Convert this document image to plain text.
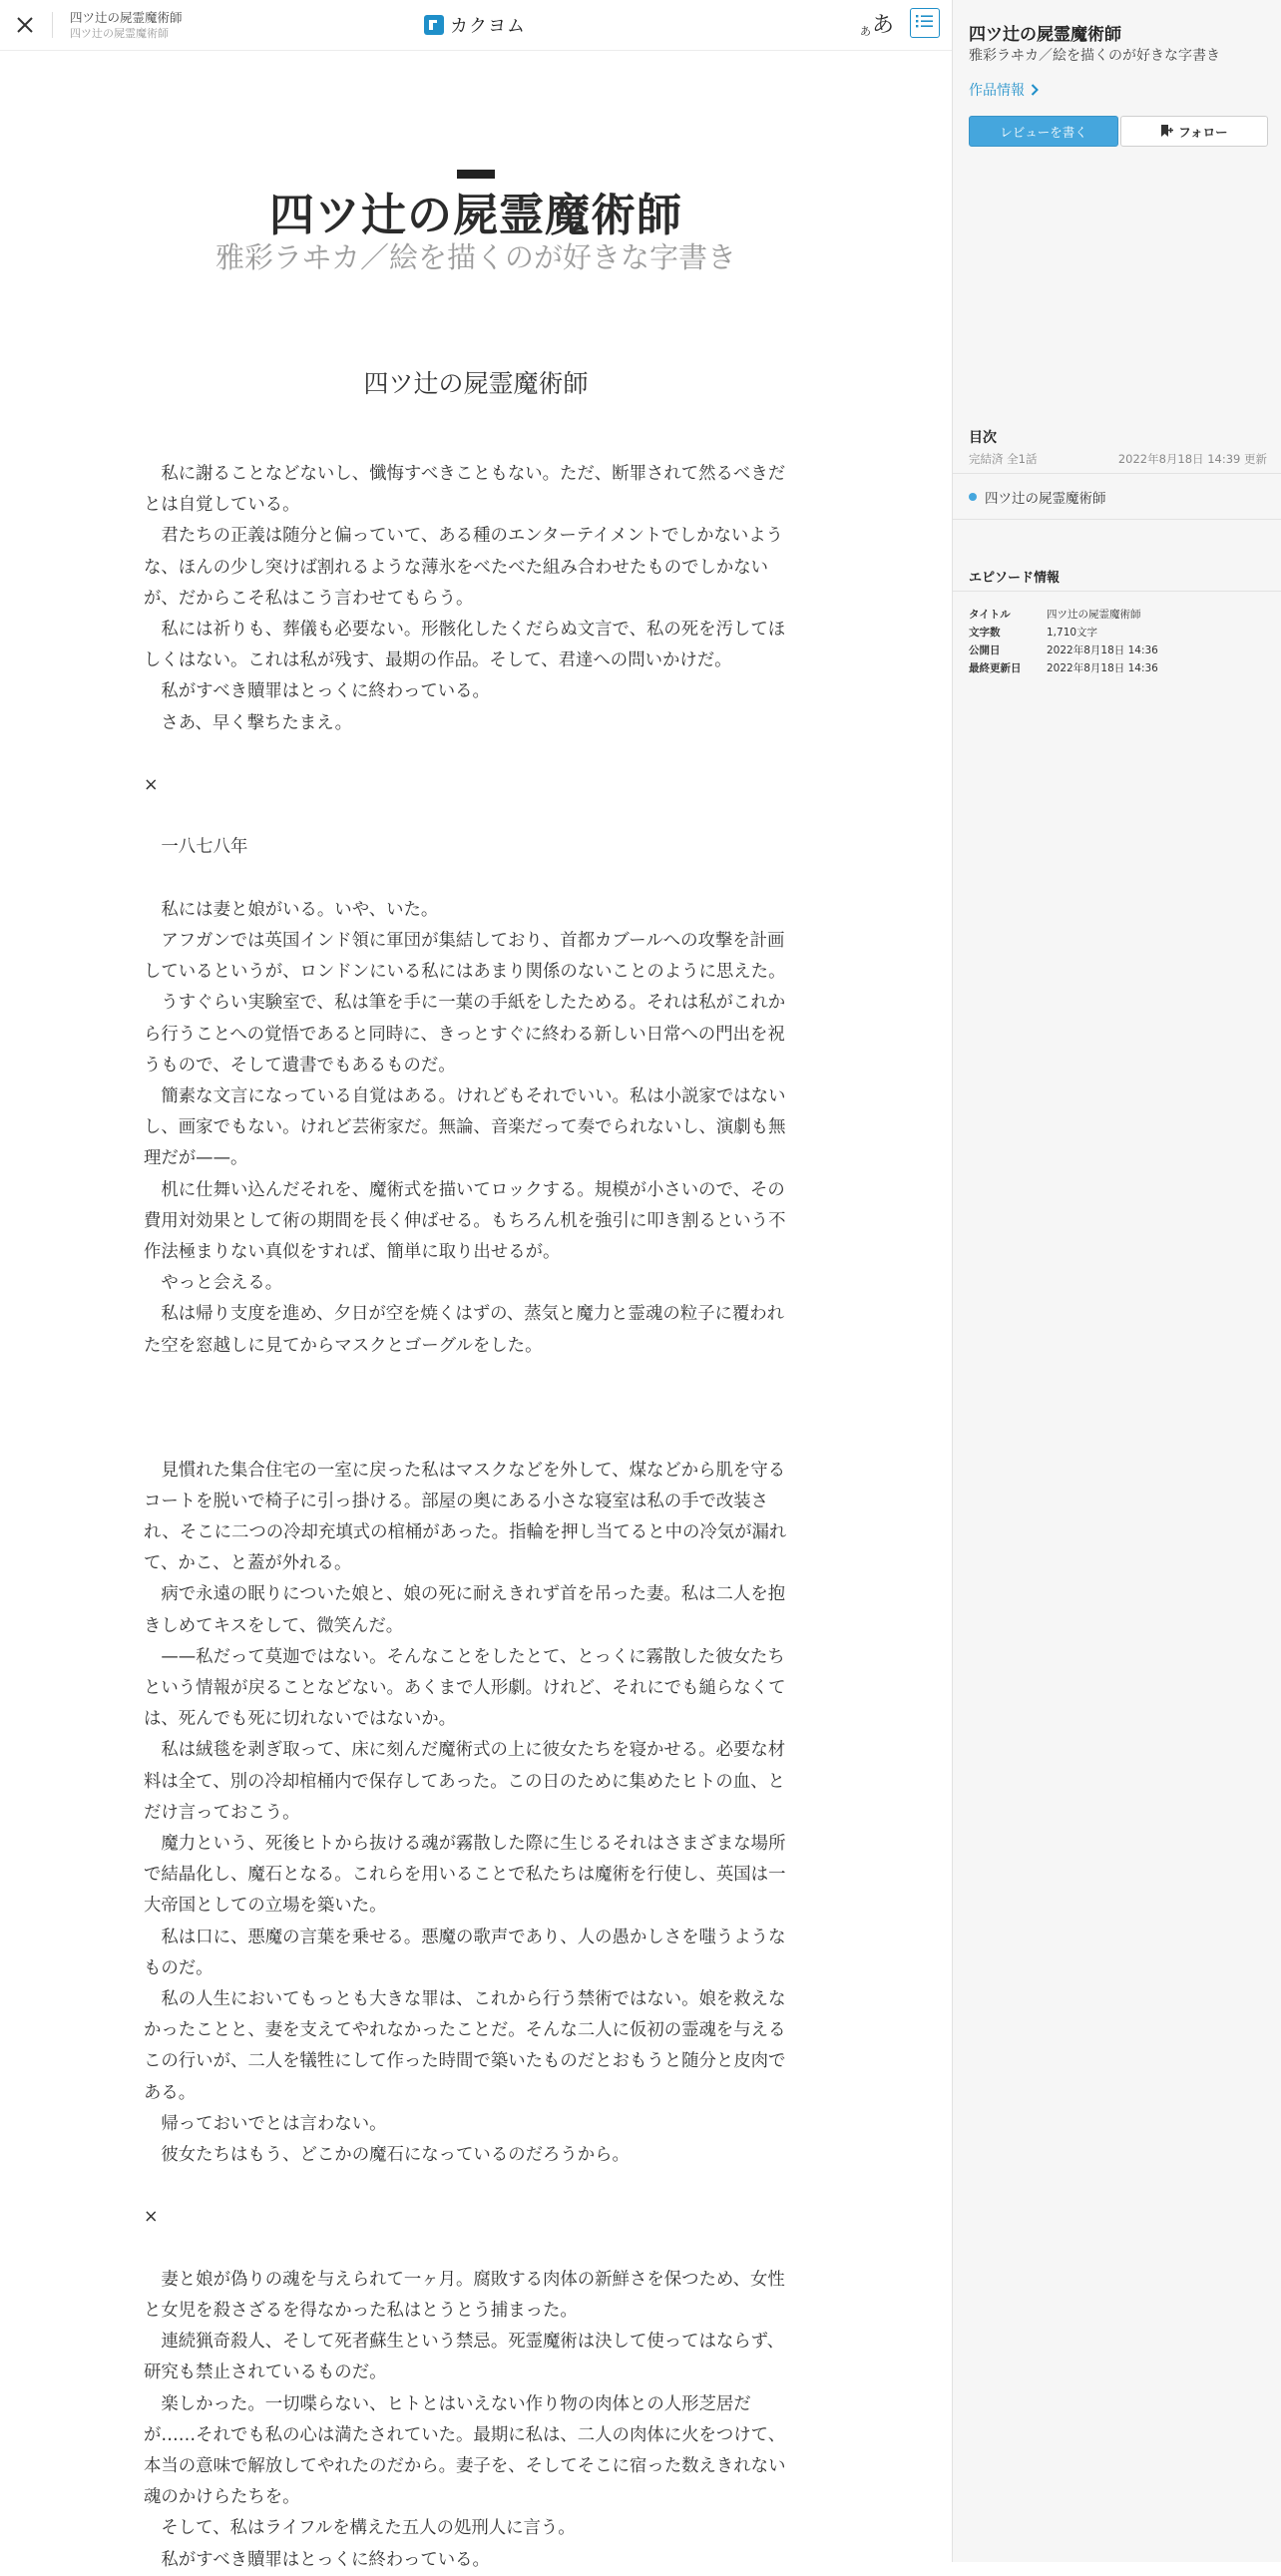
四ツ辻の屍霊魔術師
四ツ辻の屍霊魔術師	カクヨム	あ あ
四ツ辻の屍霊魔術師
雅彩ラヰカ／絵を描くのが好きな字書き
四ツ辻の屍霊魔術師

　私に謝ることなどないし、懺悔すべきこともない。ただ、断罪されて然るべきだとは自覚している。

　君たちの正義は随分と偏っていて、ある種のエンターテイメントでしかないような、ほんの少し突けば割れるような薄氷をべたべた組み合わせたものでしかないが、だからこそ私はこう言わせてもらう。

　私には祈りも、葬儀も必要ない。形骸化したくだらぬ文言で、私の死を汚してほしくはない。これは私が残す、最期の作品。そして、君達への問いかけだ。

　私がすべき贖罪はとっくに終わっている。

　さあ、早く撃ちたまえ。

×

　一八七八年

　私には妻と娘がいる。いや、いた。

　アフガンでは英国インド領に軍団が集結しており、首都カブールへの攻撃を計画しているというが、ロンドンにいる私にはあまり関係のないことのように思えた。

　うすぐらい実験室で、私は筆を手に一葉の手紙をしたためる。それは私がこれから行うことへの覚悟であると同時に、きっとすぐに終わる新しい日常への門出を祝うもので、そして遺書でもあるものだ。

　簡素な文言になっている自覚はある。けれどもそれでいい。私は小説家ではないし、画家でもない。けれど芸術家だ。無論、音楽だって奏でられないし、演劇も無理だが——。

　机に仕舞い込んだそれを、魔術式を描いてロックする。規模が小さいので、その費用対効果として術の期間を長く伸ばせる。もちろん机を強引に叩き割るという不作法極まりない真似をすれば、簡単に取り出せるが。

　やっと会える。

　私は帰り支度を進め、夕日が空を焼くはずの、蒸気と魔力と霊魂の粒子に覆われた空を窓越しに見てからマスクとゴーグルをした。

　見慣れた集合住宅の一室に戻った私はマスクなどを外して、煤などから肌を守るコートを脱いで椅子に引っ掛ける。部屋の奥にある小さな寝室は私の手で改装され、そこに二つの冷却充填式の棺桶があった。指輪を押し当てると中の冷気が漏れて、かこ、と蓋が外れる。

　病で永遠の眠りについた娘と、娘の死に耐えきれず首を吊った妻。私は二人を抱きしめてキスをして、微笑んだ。

　——私だって莫迦ではない。そんなことをしたとて、とっくに霧散した彼女たちという情報が戻ることなどない。あくまで人形劇。けれど、それにでも縋らなくては、死んでも死に切れないではないか。

　私は絨毯を剥ぎ取って、床に刻んだ魔術式の上に彼女たちを寝かせる。必要な材料は全て、別の冷却棺桶内で保存してあった。この日のために集めたヒトの血、とだけ言っておこう。

　魔力という、死後ヒトから抜ける魂が霧散した際に生じるそれはさまざまな場所で結晶化し、魔石となる。これらを用いることで私たちは魔術を行使し、英国は一大帝国としての立場を築いた。

　私は口に、悪魔の言葉を乗せる。悪魔の歌声であり、人の愚かしさを嗤うようなものだ。

　私の人生においてもっとも大きな罪は、これから行う禁術ではない。娘を救えなかったことと、妻を支えてやれなかったことだ。そんな二人に仮初の霊魂を与えるこの行いが、二人を犠牲にして作った時間で築いたものだとおもうと随分と皮肉である。

　帰っておいでとは言わない。

　彼女たちはもう、どこかの魔石になっているのだろうから。

×

　妻と娘が偽りの魂を与えられて一ヶ月。腐敗する肉体の新鮮さを保つため、女性と女児を殺さざるを得なかった私はとうとう捕まった。

　連続猟奇殺人、そして死者蘇生という禁忌。死霊魔術は決して使ってはならず、研究も禁止されているものだ。

　楽しかった。一切喋らない、ヒトとはいえない作り物の肉体との人形芝居だが……それでも私の心は満たされていた。最期に私は、二人の肉体に火をつけて、本当の意味で解放してやれたのだから。妻子を、そしてそこに宿った数えきれない魂のかけらたちを。

　そして、私はライフルを構えた五人の処刑人に言う。

　私がすべき贖罪はとっくに終わっている。

四ツ辻の屍霊魔術師
雅彩ラヰカ／絵を描くのが好きな字書き
作品情報
レビューを書く	フォロー
目次
完結済 全1話	2022年8月18日 14:39 更新
四ツ辻の屍霊魔術師
エピソード情報
タイトル	四ツ辻の屍霊魔術師
文字数	1,710文字
公開日	2022年8月18日 14:36
最終更新日	2022年8月18日 14:36
